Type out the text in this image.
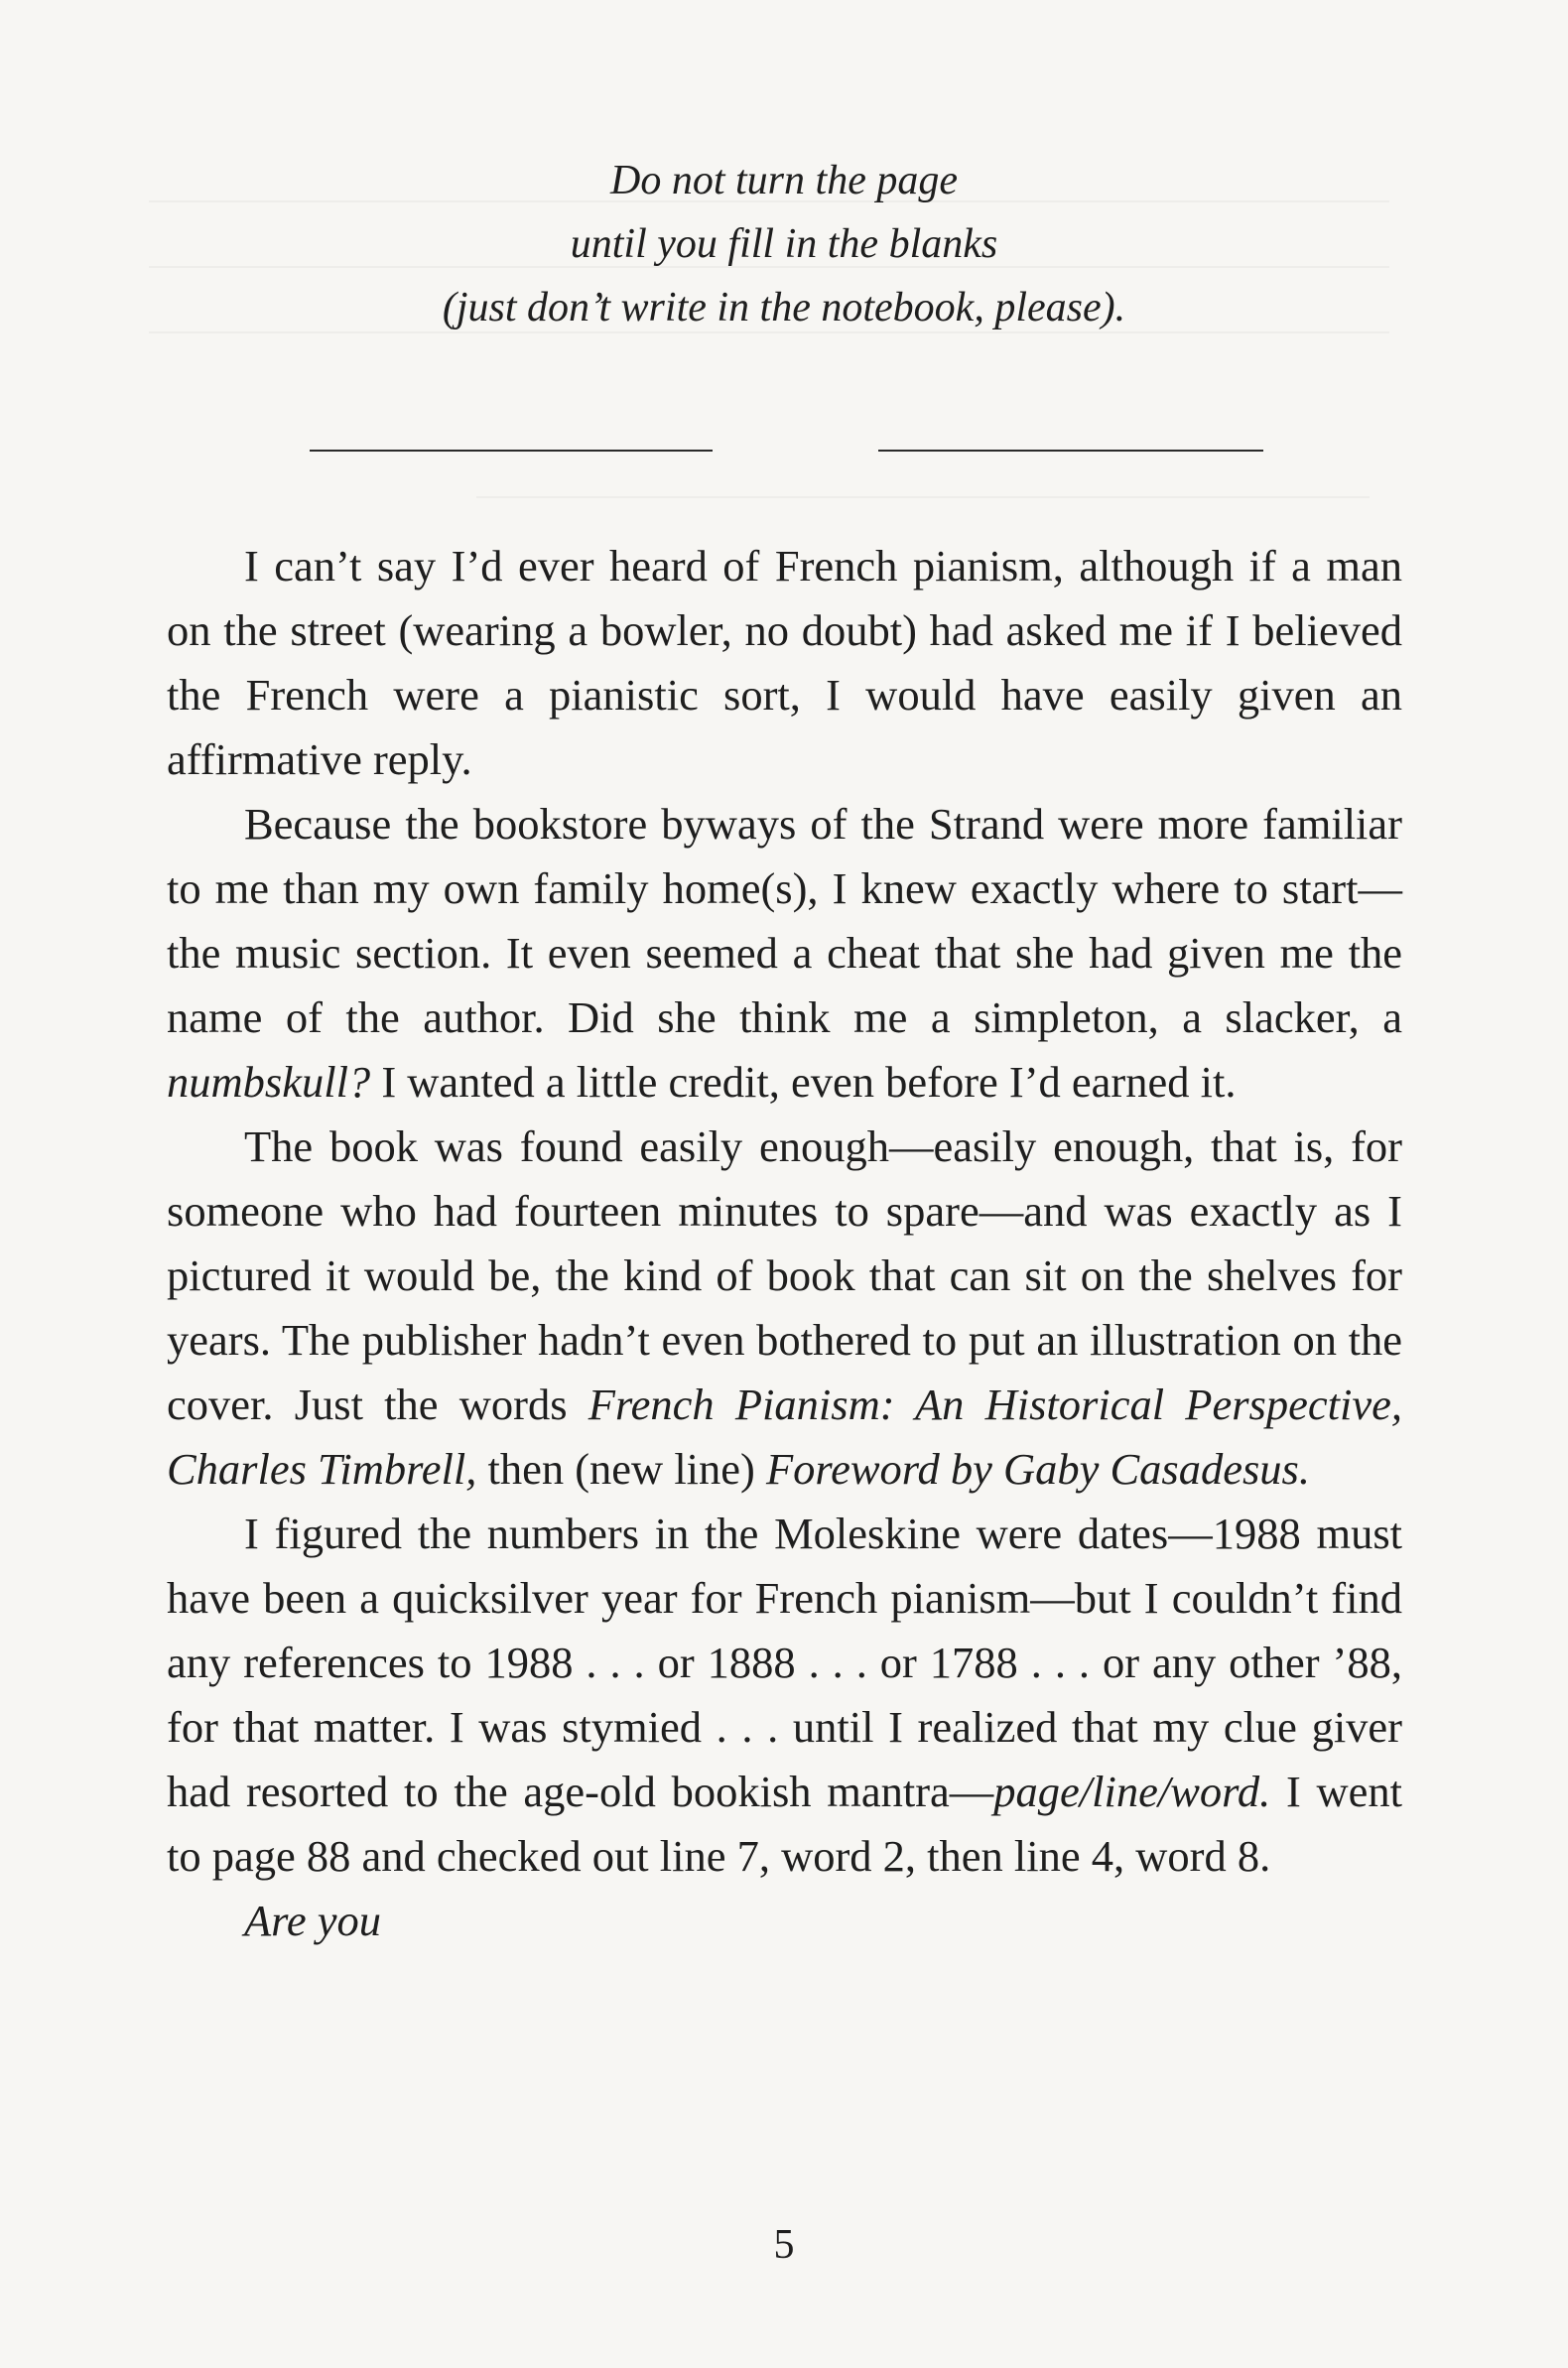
Do not turn the page
until you fill in the blanks
(just don’t write in the notebook, please).

I can’t say I’d ever heard of French pianism, although if a man on the street (wearing a bowler, no doubt) had asked me if I believed the French were a pianistic sort, I would have easily given an affirmative reply.

Because the bookstore byways of the Strand were more familiar to me than my own family home(s), I knew exactly where to start—the music section. It even seemed a cheat that she had given me the name of the author. Did she think me a simpleton, a slacker, a numbskull? I wanted a little credit, even before I’d earned it.

The book was found easily enough—easily enough, that is, for someone who had fourteen minutes to spare—and was exactly as I pictured it would be, the kind of book that can sit on the shelves for years. The publisher hadn’t even bothered to put an illustration on the cover. Just the words French Pianism: An Historical Perspective, Charles Timbrell, then (new line) Foreword by Gaby Casadesus.

I figured the numbers in the Moleskine were dates—1988 must have been a quicksilver year for French pianism—but I couldn’t find any references to 1988 . . . or 1888 . . . or 1788 . . . or any other ’88, for that matter. I was stymied . . . until I realized that my clue giver had resorted to the age-old bookish mantra—page/line/word. I went to page 88 and checked out line 7, word 2, then line 4, word 8.

Are you

5
